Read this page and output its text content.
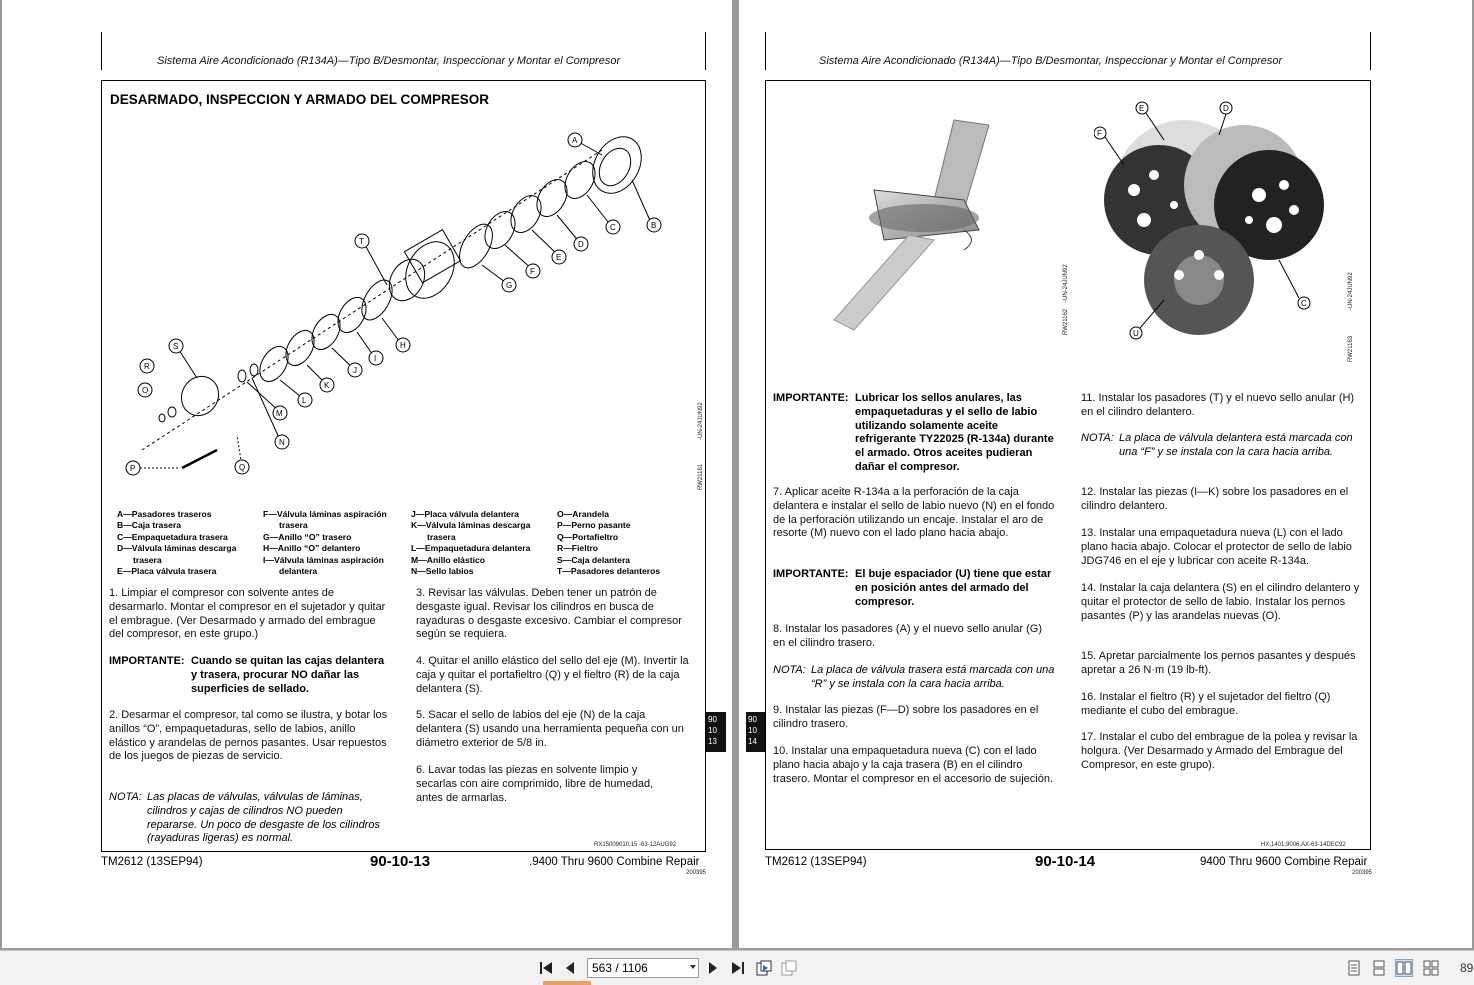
Sistema Aire Acondicionado (R134A)—Tipo B/Desmontar, Inspeccionar y Montar el Compresor
DESARMADO, INSPECCION Y ARMADO DEL COMPRESOR
A
B
C
D
E
F
G
H
I
J
K
L
M
N
O
P	Q
R
S
T
RW21161
-UN-24JUN92
A—Pasadores traseros
B—Caja trasera
C—Empaquetadura trasera
D—Válvula láminas descarga
trasera
E—Placa válvula trasera
F—Válvula láminas aspiración
trasera
G—Anillo “O” trasero
H—Anillo “O” delantero
I—Válvula láminas aspiración
delantera
J—Placa válvula delantera
K—Válvula láminas descarga
trasera
L—Empaquetadura delantera
M—Anillo elástico
N—Sello labios
O—Arandela
P—Perno pasante
Q—Portafieltro
R—Fieltro
S—Caja delantera
T—Pasadores delanteros
1. Limpiar el compresor con solvente antes de desarmarlo. Montar el compresor en el sujetador y quitar el embrague. (Ver Desarmado y armado del embrague del compresor, en este grupo.)
IMPORTANTE: Cuando se quitan las cajas delantera y trasera, procurar NO dañar las superficies de sellado.
2. Desarmar el compresor, tal como se ilustra, y botar los anillos “O”, empaquetaduras, sello de labios, anillo elástico y arandelas de pernos pasantes. Usar repuestos de los juegos de piezas de servicio.
NOTA: Las placas de válvulas, válvulas de láminas, cilindros y cajas de cilindros NO pueden repararse. Un poco de desgaste de los cilindros (rayaduras ligeras) es normal.
3. Revisar las válvulas. Deben tener un patrón de desgaste igual. Revisar los cilindros en busca de rayaduras o desgaste excesivo. Cambiar el compresor según se requiera.
4. Quitar el anillo elástico del sello del eje (M). Invertir la caja y quitar el portafieltro (Q) y el fieltro (R) de la caja delantera (S).
5. Sacar el sello de labios del eje (N) de la caja delantera (S) usando una herramienta pequeña con un diámetro exterior de 5/8 in.
6. Lavar todas las piezas en solvente limpio y secarlas con aire comprimido, libre de humedad, antes de armarlas.
RX15009010,15 -63-12AUG92
TM2612 (13SEP94)	90-10-13	.9400 Thru 9600 Combine Repair
200395
90
10
13
Sistema Aire Acondicionado (R134A)—Tipo B/Desmontar, Inspeccionar y Montar el Compresor
RW21162
-UN-24JUN92
E	D
F
C
U
RW21163
-UN-24JUN92
IMPORTANTE: Lubricar los sellos anulares, las empaquetaduras y el sello de labio utilizando solamente aceite refrigerante TY22025 (R-134a) durante el armado. Otros aceites pudieran dañar el compresor.
7. Aplicar aceite R-134a a la perforación de la caja delantera e instalar el sello de labio nuevo (N) en el fondo de la perforación utilizando un encaje. Instalar el aro de resorte (M) nuevo con el lado plano hacia abajo.
IMPORTANTE: El buje espaciador (U) tiene que estar en posición antes del armado del compresor.
8. Instalar los pasadores (A) y el nuevo sello anular (G) en el cilindro trasero.
NOTA: La placa de válvula trasera está marcada con una “R” y se instala con la cara hacia arriba.
9. Instalar las piezas (F—D) sobre los pasadores en el cilindro trasero.
10. Instalar una empaquetadura nueva (C) con el lado plano hacia abajo y la caja trasera (B) en el cilindro trasero. Montar el compresor en el accesorio de sujeción.
11. Instalar los pasadores (T) y el nuevo sello anular (H) en el cilindro delantero.
NOTA: La placa de válvula delantera está marcada con una “F” y se instala con la cara hacia arriba.
12. Instalar las piezas (I—K) sobre los pasadores en el cilindro delantero.
13. Instalar una empaquetadura nueva (L) con el lado plano hacia abajo. Colocar el protector de sello de labio JDG746 en el eje y lubricar con aceite R-134a.
14. Instalar la caja delantera (S) en el cilindro delantero y quitar el protector de sello de labio. Instalar los pernos pasantes (P) y las arandelas nuevas (O).
15. Apretar parcialmente los pernos pasantes y después apretar a 26 N·m (19 lb-ft).
16. Instalar el fieltro (R) y el sujetador del fieltro (Q) mediante el cubo del embrague.
17. Instalar el cubo del embrague de la polea y revisar la holgura. (Ver Desarmado y Armado del Embrague del Compresor, en este grupo).
HX,1401,9006,AX-63-14DEC92
TM2612 (13SEP94)	90-10-14	9400 Thru 9600 Combine Repair
200395
90
10
14
563 / 1106	89
